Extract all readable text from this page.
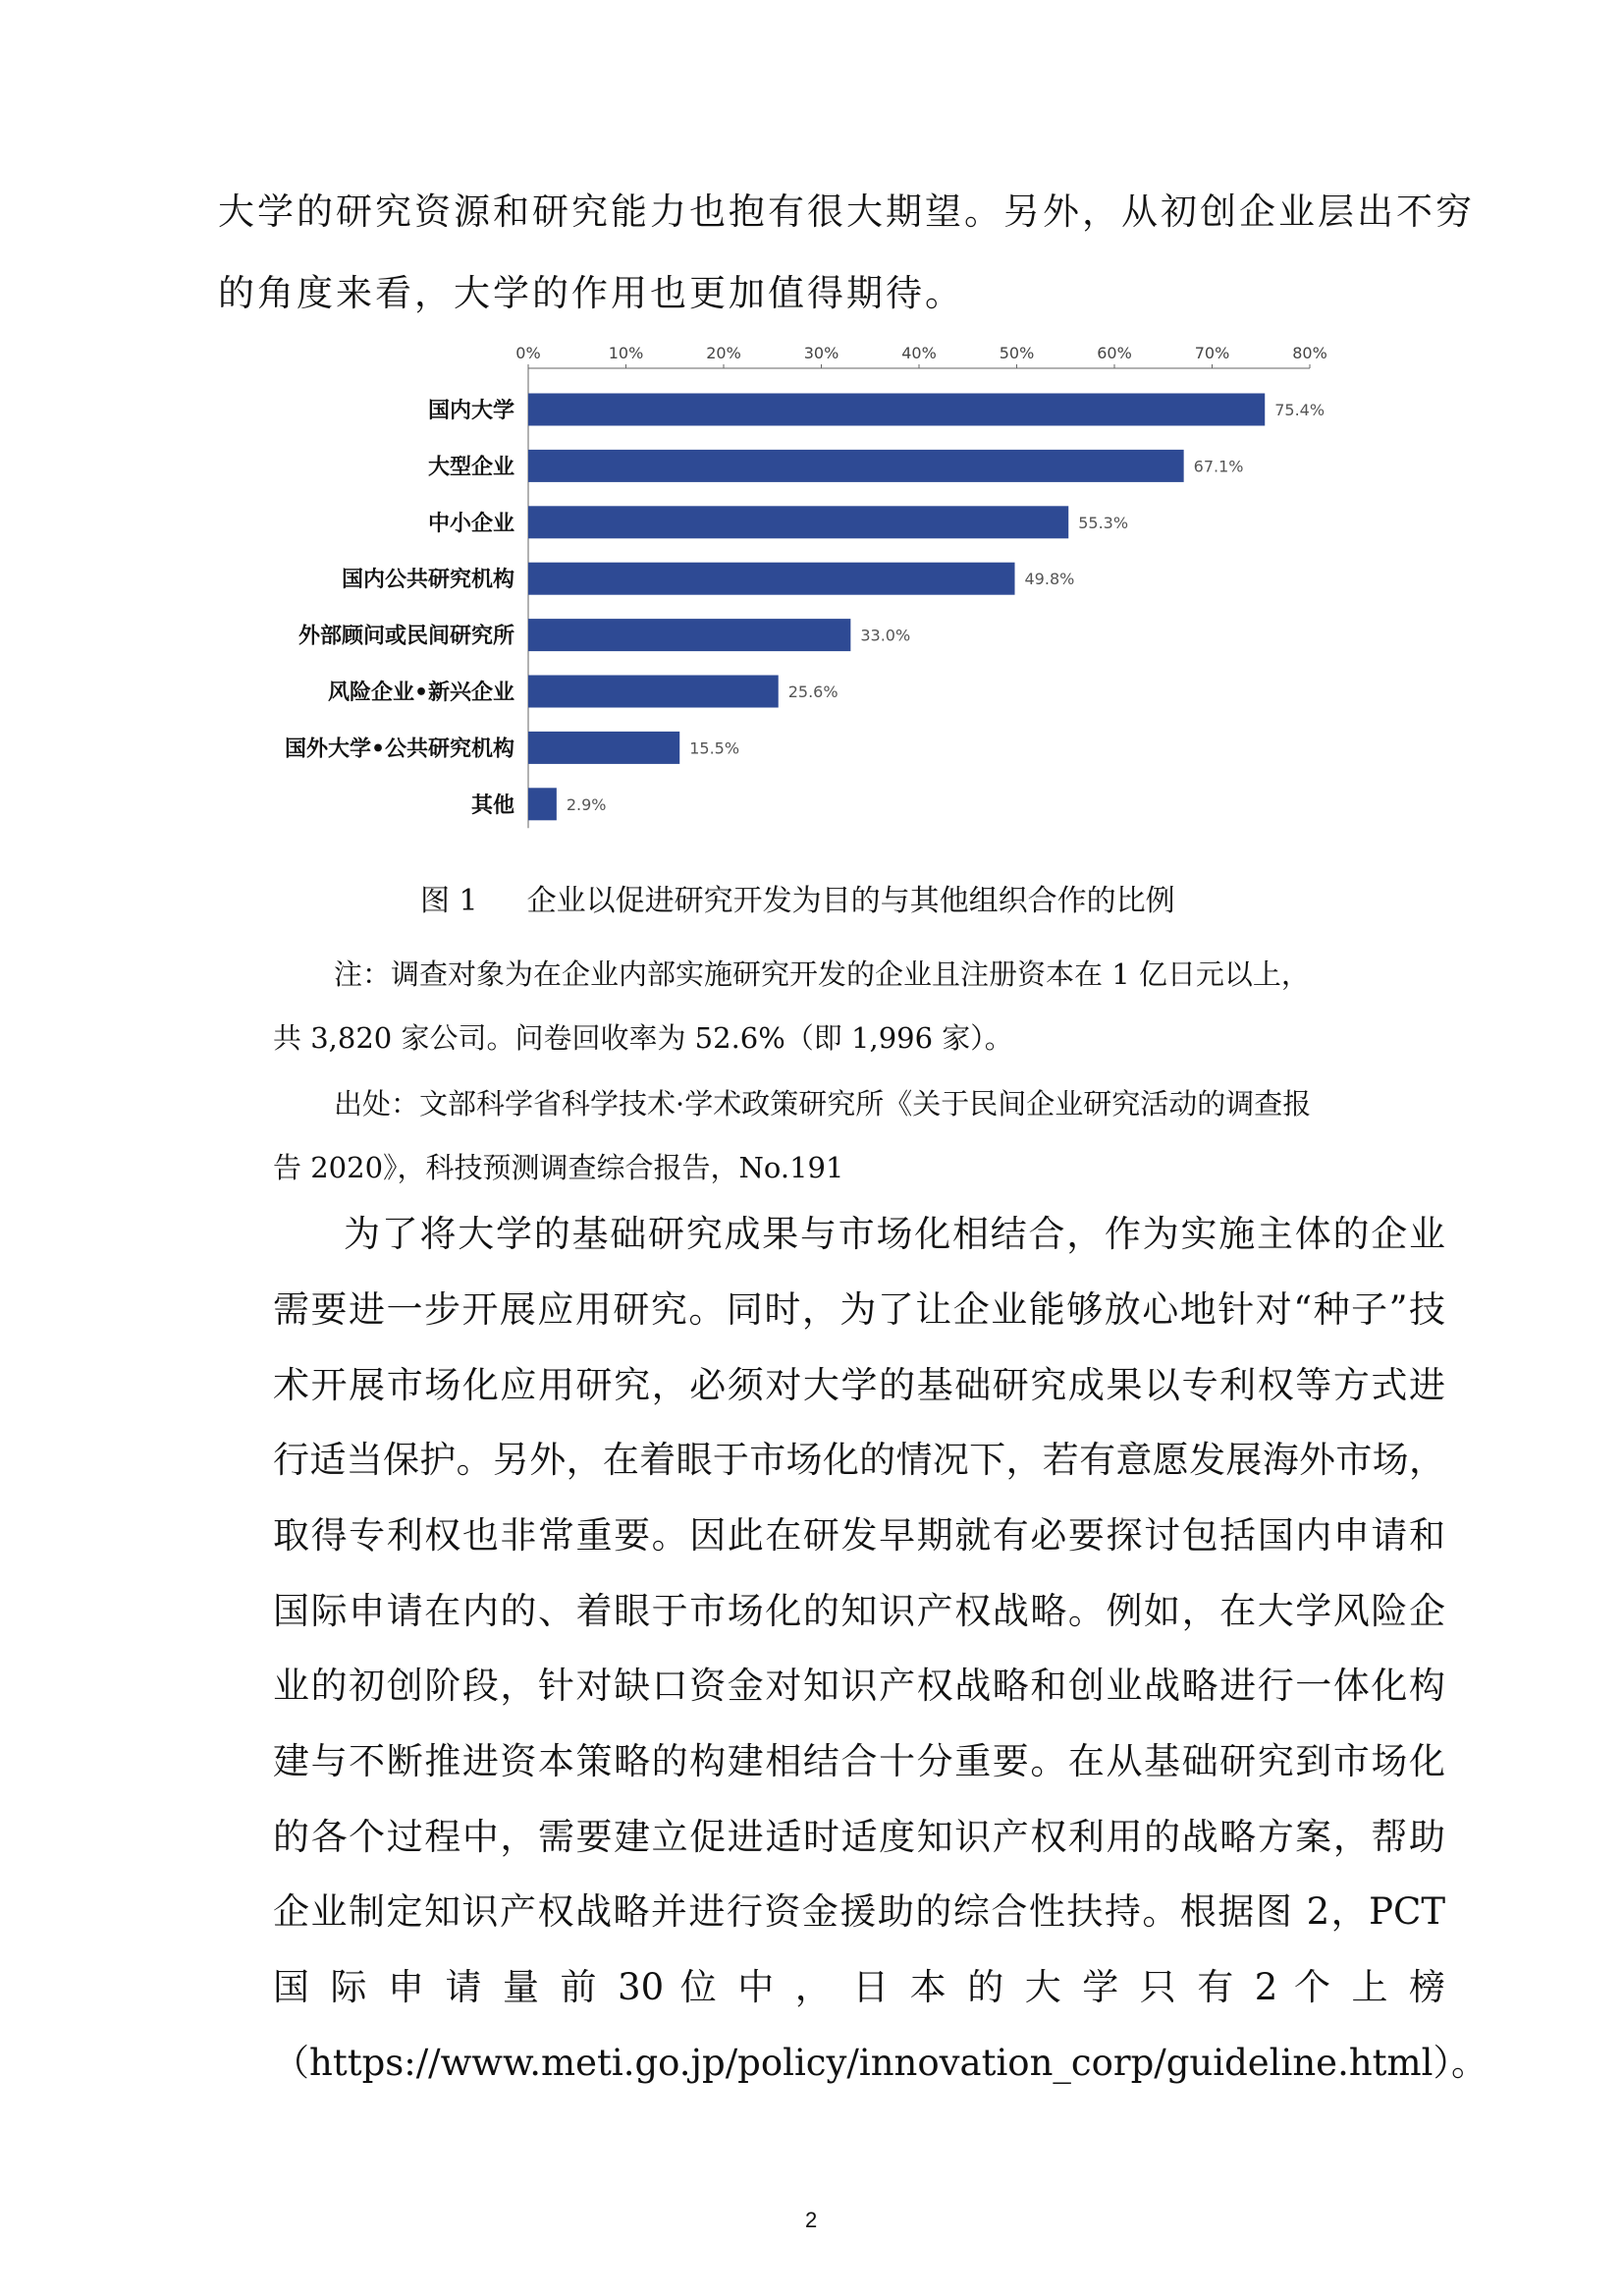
大学的研究资源和研究能力也抱有很大期望。另外，从初创企业层出不穷
的角度来看，大学的作用也更加值得期待。
0%	10%	20%	30%	40%	50%	60%	70%	80%
国内大学	75.4%
大型企业	67.1%
中小企业	55.3%
国内公共研究机构	49.8%
外部顾问或民间研究所	33.0%
风险企业•新兴企业	25.6%
国外大学•公共研究机构	15.5%
其他	2.9%
图 1 企业以促进研究开发为目的与其他组织合作的比例
注：调查对象为在企业内部实施研究开发的企业且注册资本在 1 亿日元以上，
共 3,820 家公司。问卷回收率为 52.6%（即 1,996 家）。
出处：文部科学省科学技术·学术政策研究所《关于民间企业研究活动的调查报
告 2020》，科技预测调查综合报告，No.191
为了将大学的基础研究成果与市场化相结合，作为实施主体的企业
需要进一步开展应用研究。同时，为了让企业能够放心地针对“种子”技
术开展市场化应用研究，必须对大学的基础研究成果以专利权等方式进
行适当保护。另外，在着眼于市场化的情况下，若有意愿发展海外市场，
取得专利权也非常重要。因此在研发早期就有必要探讨包括国内申请和
国际申请在内的、着眼于市场化的知识产权战略。例如，在大学风险企
业的初创阶段，针对缺口资金对知识产权战略和创业战略进行一体化构
建与不断推进资本策略的构建相结合十分重要。在从基础研究到市场化
的各个过程中，需要建立促进适时适度知识产权利用的战略方案，帮助
企业制定知识产权战略并进行资金援助的综合性扶持。根据图 2，PCT
国 际 申 请 量 前 30 位 中 ， 日 本 的 大 学 只 有 2 个 上 榜
（https://www.meti.go.jp/policy/innovation_corp/guideline.html）。
2
